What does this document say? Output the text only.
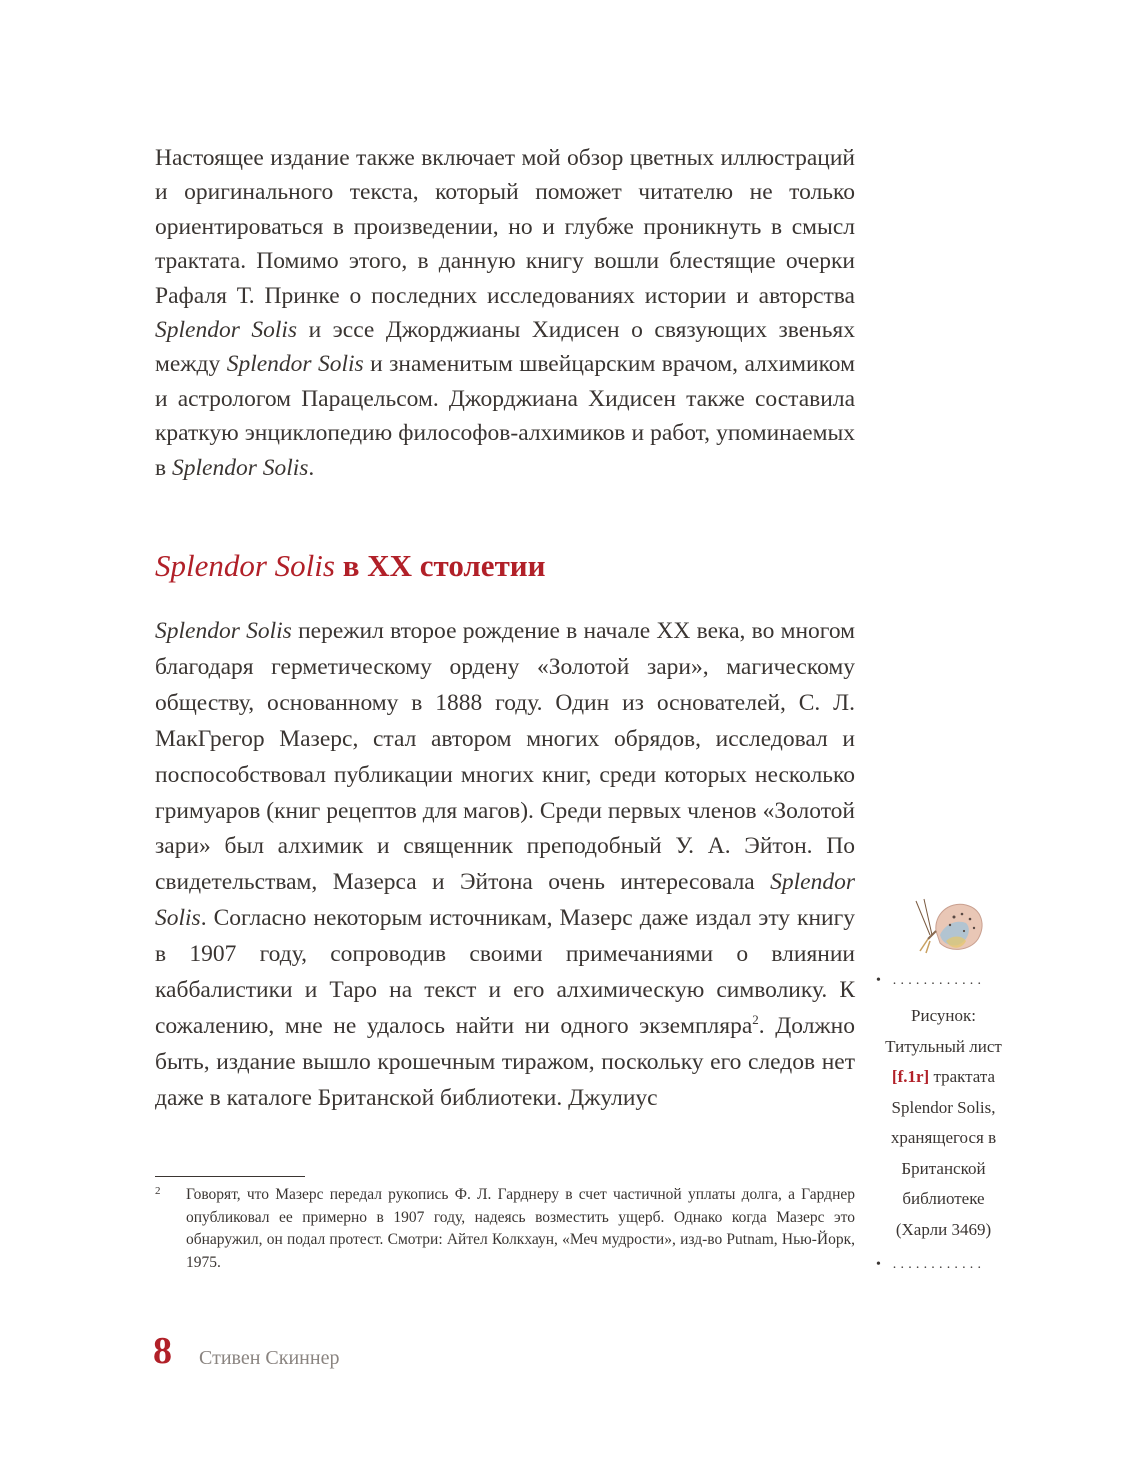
Настоящее издание также включает мой обзор цветных иллюстраций и оригинального текста, который поможет читателю не только ориентироваться в произведении, но и глубже проникнуть в смысл трактата. Помимо этого, в данную книгу вошли блестящие очерки Рафаля Т. Принке о последних исследованиях истории и авторства Splendor Solis и эссе Джорджианы Хидисен о связующих звеньях между Splendor Solis и знаменитым швейцарским врачом, алхимиком и астрологом Парацельсом. Джорджиана Хидисен также составила краткую энциклопедию философов-алхимиков и работ, упоминаемых в Splendor Solis.

Splendor Solis в XX столетии

Splendor Solis пережил второе рождение в начале XX века, во многом благодаря герметическому ордену «Золотой зари», магическому обществу, основанному в 1888 году. Один из основателей, С. Л. МакГрегор Мазерс, стал автором многих обрядов, исследовал и поспособствовал публикации многих книг, среди которых несколько гримуаров (книг рецептов для магов). Среди первых членов «Золотой зари» был алхимик и священник преподобный У. А. Эйтон. По свидетельствам, Мазерса и Эйтона очень интересовала Splendor Solis. Согласно некоторым источникам, Мазерс даже издал эту книгу в 1907 году, сопроводив своими примечаниями о влиянии каббалистики и Таро на текст и его алхимическую символику. К сожалению, мне не удалось найти ни одного экземпляра$^2$. Должно быть, издание вышло крошечным тиражом, поскольку его следов нет даже в каталоге Британской библиотеки. Джулиус

2	Говорят, что Мазерс передал рукопись Ф. Л. Гарднеру в счет частичной уплаты долга, а Гарднер опубликовал ее примерно в 1907 году, надеясь возместить ущерб. Однако когда Мазерс это обнаружил, он подал протест. Смотри: Айтел Колкхаун, «Меч мудрости», изд-во Putnam, Нью-Йорк, 1975.
• ............
Рисунок: Титульный лист [f.1r] трактата Splendor Solis, хранящегося в Британской библиотеке (Харли 3469)
• ............
8 Стивен Скиннер
